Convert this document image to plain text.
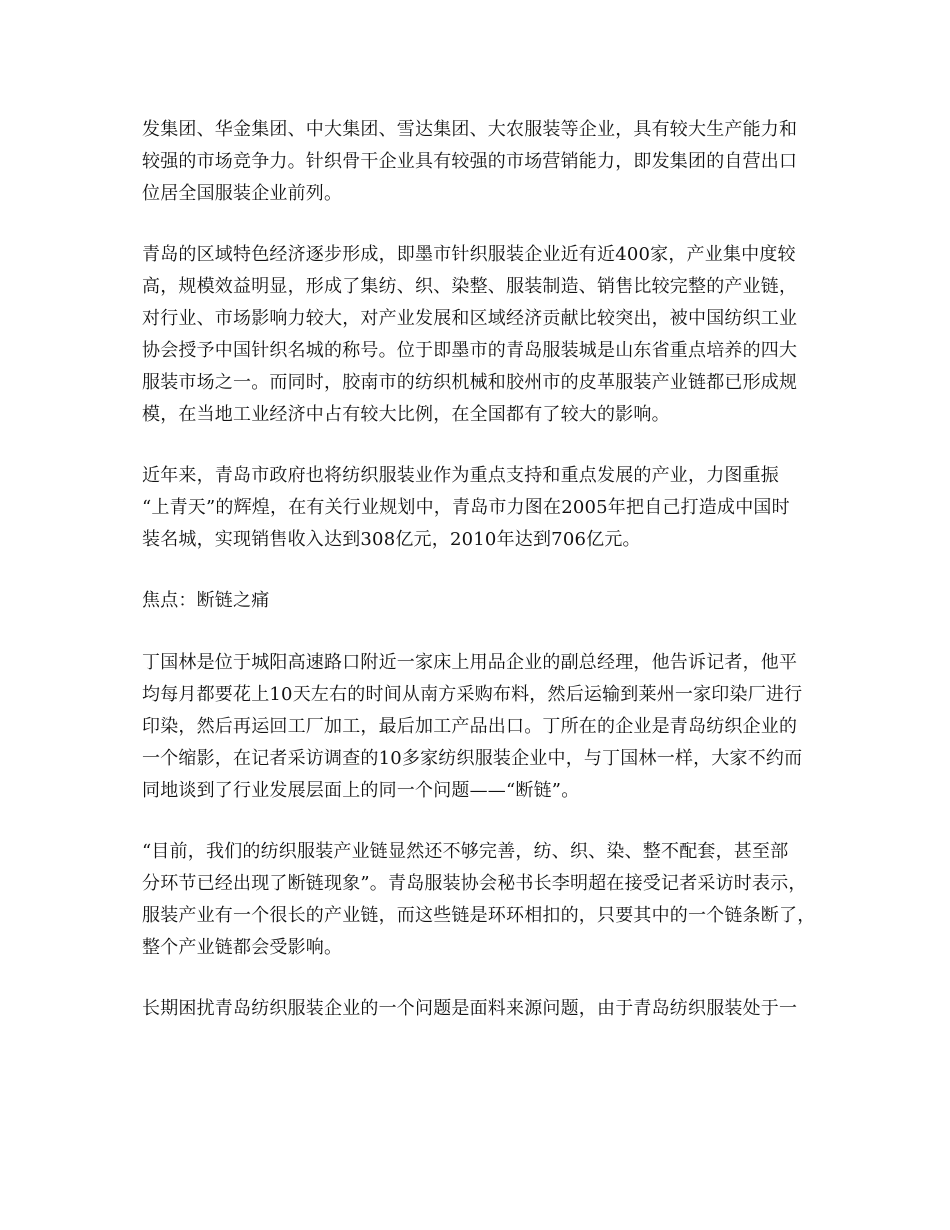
发集团、华金集团、中大集团、雪达集团、大农服装等企业，具有较大生产能力和
较强的市场竞争力。针织骨干企业具有较强的市场营销能力，即发集团的自营出口
位居全国服装企业前列。

青岛的区域特色经济逐步形成，即墨市针织服装企业近有近400家，产业集中度较
高，规模效益明显，形成了集纺、织、染整、服装制造、销售比较完整的产业链，
对行业、市场影响力较大，对产业发展和区域经济贡献比较突出，被中国纺织工业
协会授予中国针织名城的称号。位于即墨市的青岛服装城是山东省重点培养的四大
服装市场之一。而同时，胶南市的纺织机械和胶州市的皮革服装产业链都已形成规
模，在当地工业经济中占有较大比例，在全国都有了较大的影响。

近年来，青岛市政府也将纺织服装业作为重点支持和重点发展的产业，力图重振
“上青天”的辉煌，在有关行业规划中，青岛市力图在2005年把自己打造成中国时
装名城，实现销售收入达到308亿元，2010年达到706亿元。

焦点：断链之痛

丁国林是位于城阳高速路口附近一家床上用品企业的副总经理，他告诉记者，他平
均每月都要花上10天左右的时间从南方采购布料，然后运输到莱州一家印染厂进行
印染，然后再运回工厂加工，最后加工产品出口。丁所在的企业是青岛纺织企业的
一个缩影，在记者采访调查的10多家纺织服装企业中，与丁国林一样，大家不约而
同地谈到了行业发展层面上的同一个问题——“断链”。

“目前，我们的纺织服装产业链显然还不够完善，纺、织、染、整不配套，甚至部
分环节已经出现了断链现象”。青岛服装协会秘书长李明超在接受记者采访时表示，
服装产业有一个很长的产业链，而这些链是环环相扣的，只要其中的一个链条断了，
整个产业链都会受影响。

长期困扰青岛纺织服装企业的一个问题是面料来源问题，由于青岛纺织服装处于一
